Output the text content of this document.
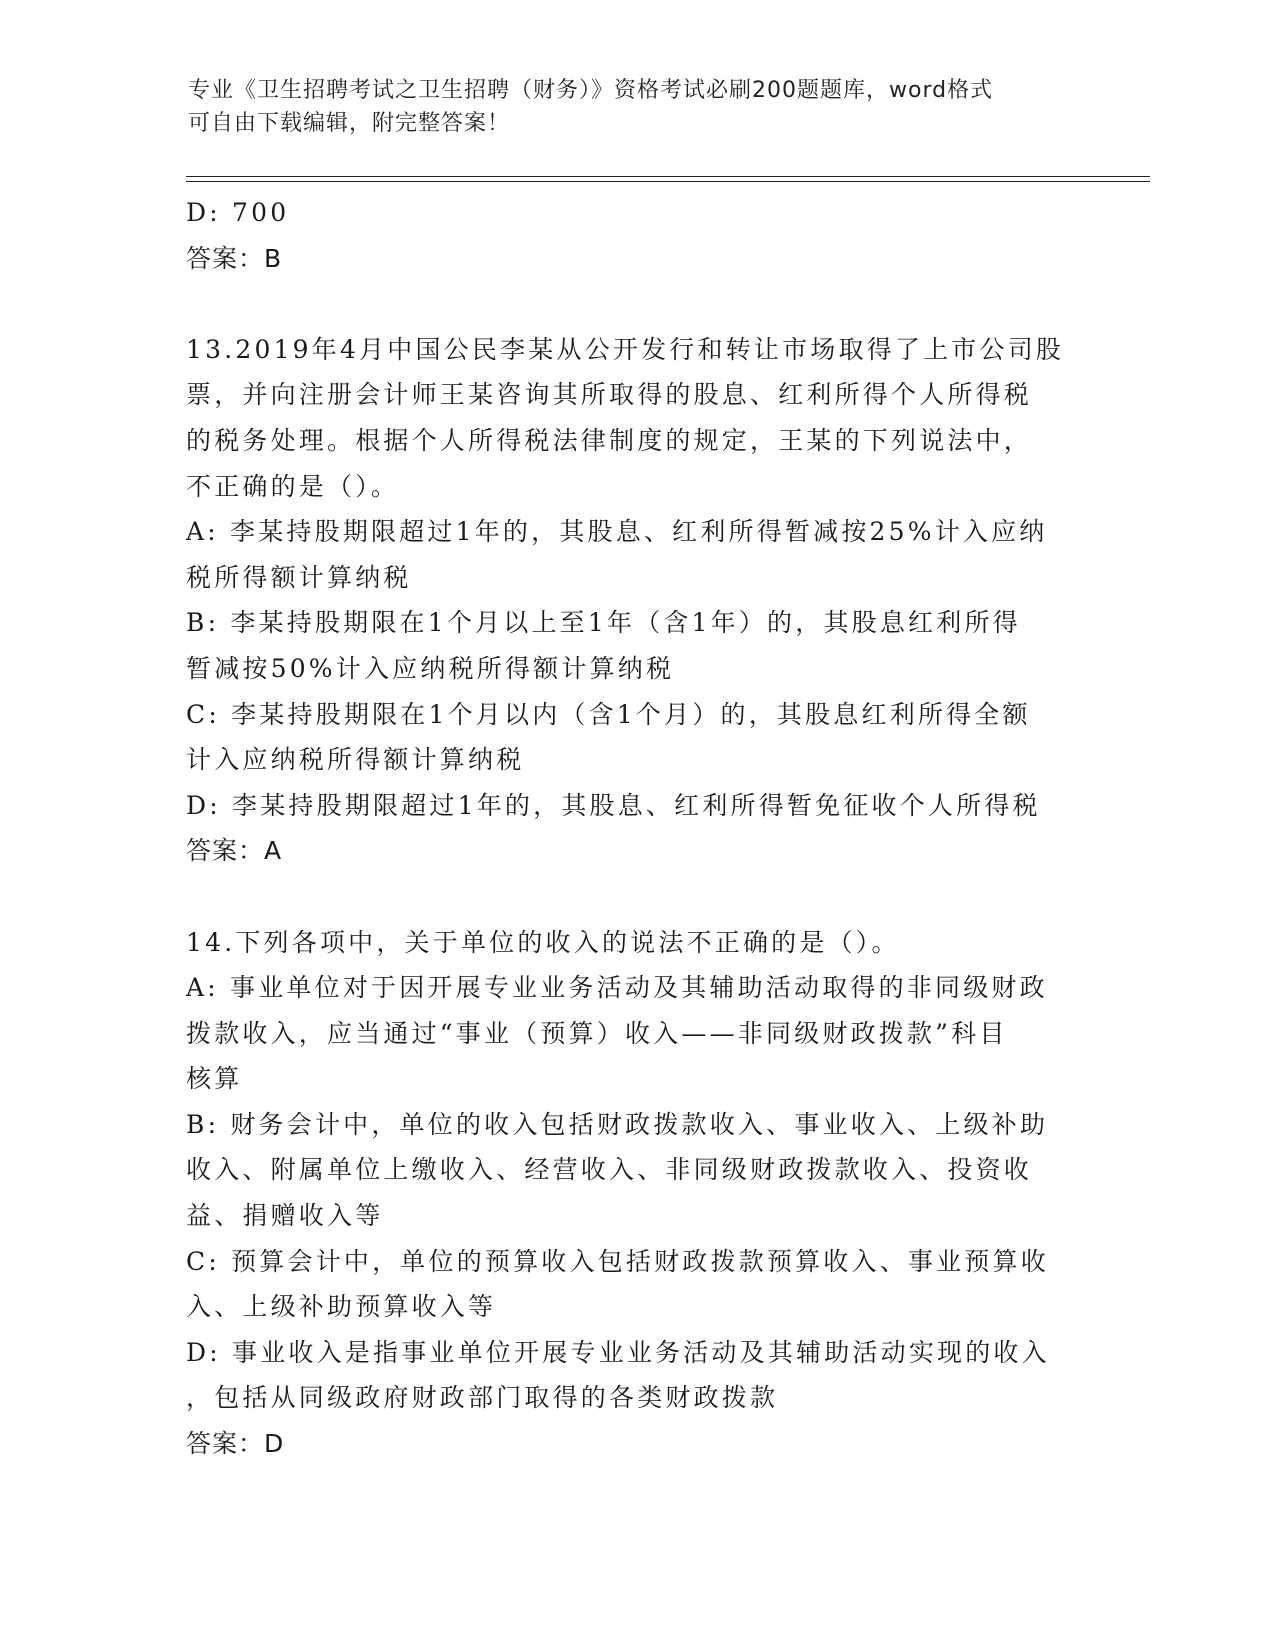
专业《卫生招聘考试之卫生招聘（财务）》资格考试必刷200题题库，word格式
可自由下载编辑，附完整答案！
D: 700
答案：B
13.2019年4月中国公民李某从公开发行和转让市场取得了上市公司股
票，并向注册会计师王某咨询其所取得的股息、红利所得个人所得税
的税务处理。根据个人所得税法律制度的规定，王某的下列说法中，
不正确的是（）。
A: 李某持股期限超过1年的，其股息、红利所得暂减按25%计入应纳
税所得额计算纳税
B: 李某持股期限在1个月以上至1年（含1年）的，其股息红利所得
暂减按50%计入应纳税所得额计算纳税
C: 李某持股期限在1个月以内（含1个月）的，其股息红利所得全额
计入应纳税所得额计算纳税
D: 李某持股期限超过1年的，其股息、红利所得暂免征收个人所得税
答案：A
14.下列各项中，关于单位的收入的说法不正确的是（）。
A: 事业单位对于因开展专业业务活动及其辅助活动取得的非同级财政
拨款收入，应当通过“事业（预算）收入——非同级财政拨款”科目
核算
B: 财务会计中，单位的收入包括财政拨款收入、事业收入、上级补助
收入、附属单位上缴收入、经营收入、非同级财政拨款收入、投资收
益、捐赠收入等
C: 预算会计中，单位的预算收入包括财政拨款预算收入、事业预算收
入、上级补助预算收入等
D: 事业收入是指事业单位开展专业业务活动及其辅助活动实现的收入
，包括从同级政府财政部门取得的各类财政拨款
答案：D
